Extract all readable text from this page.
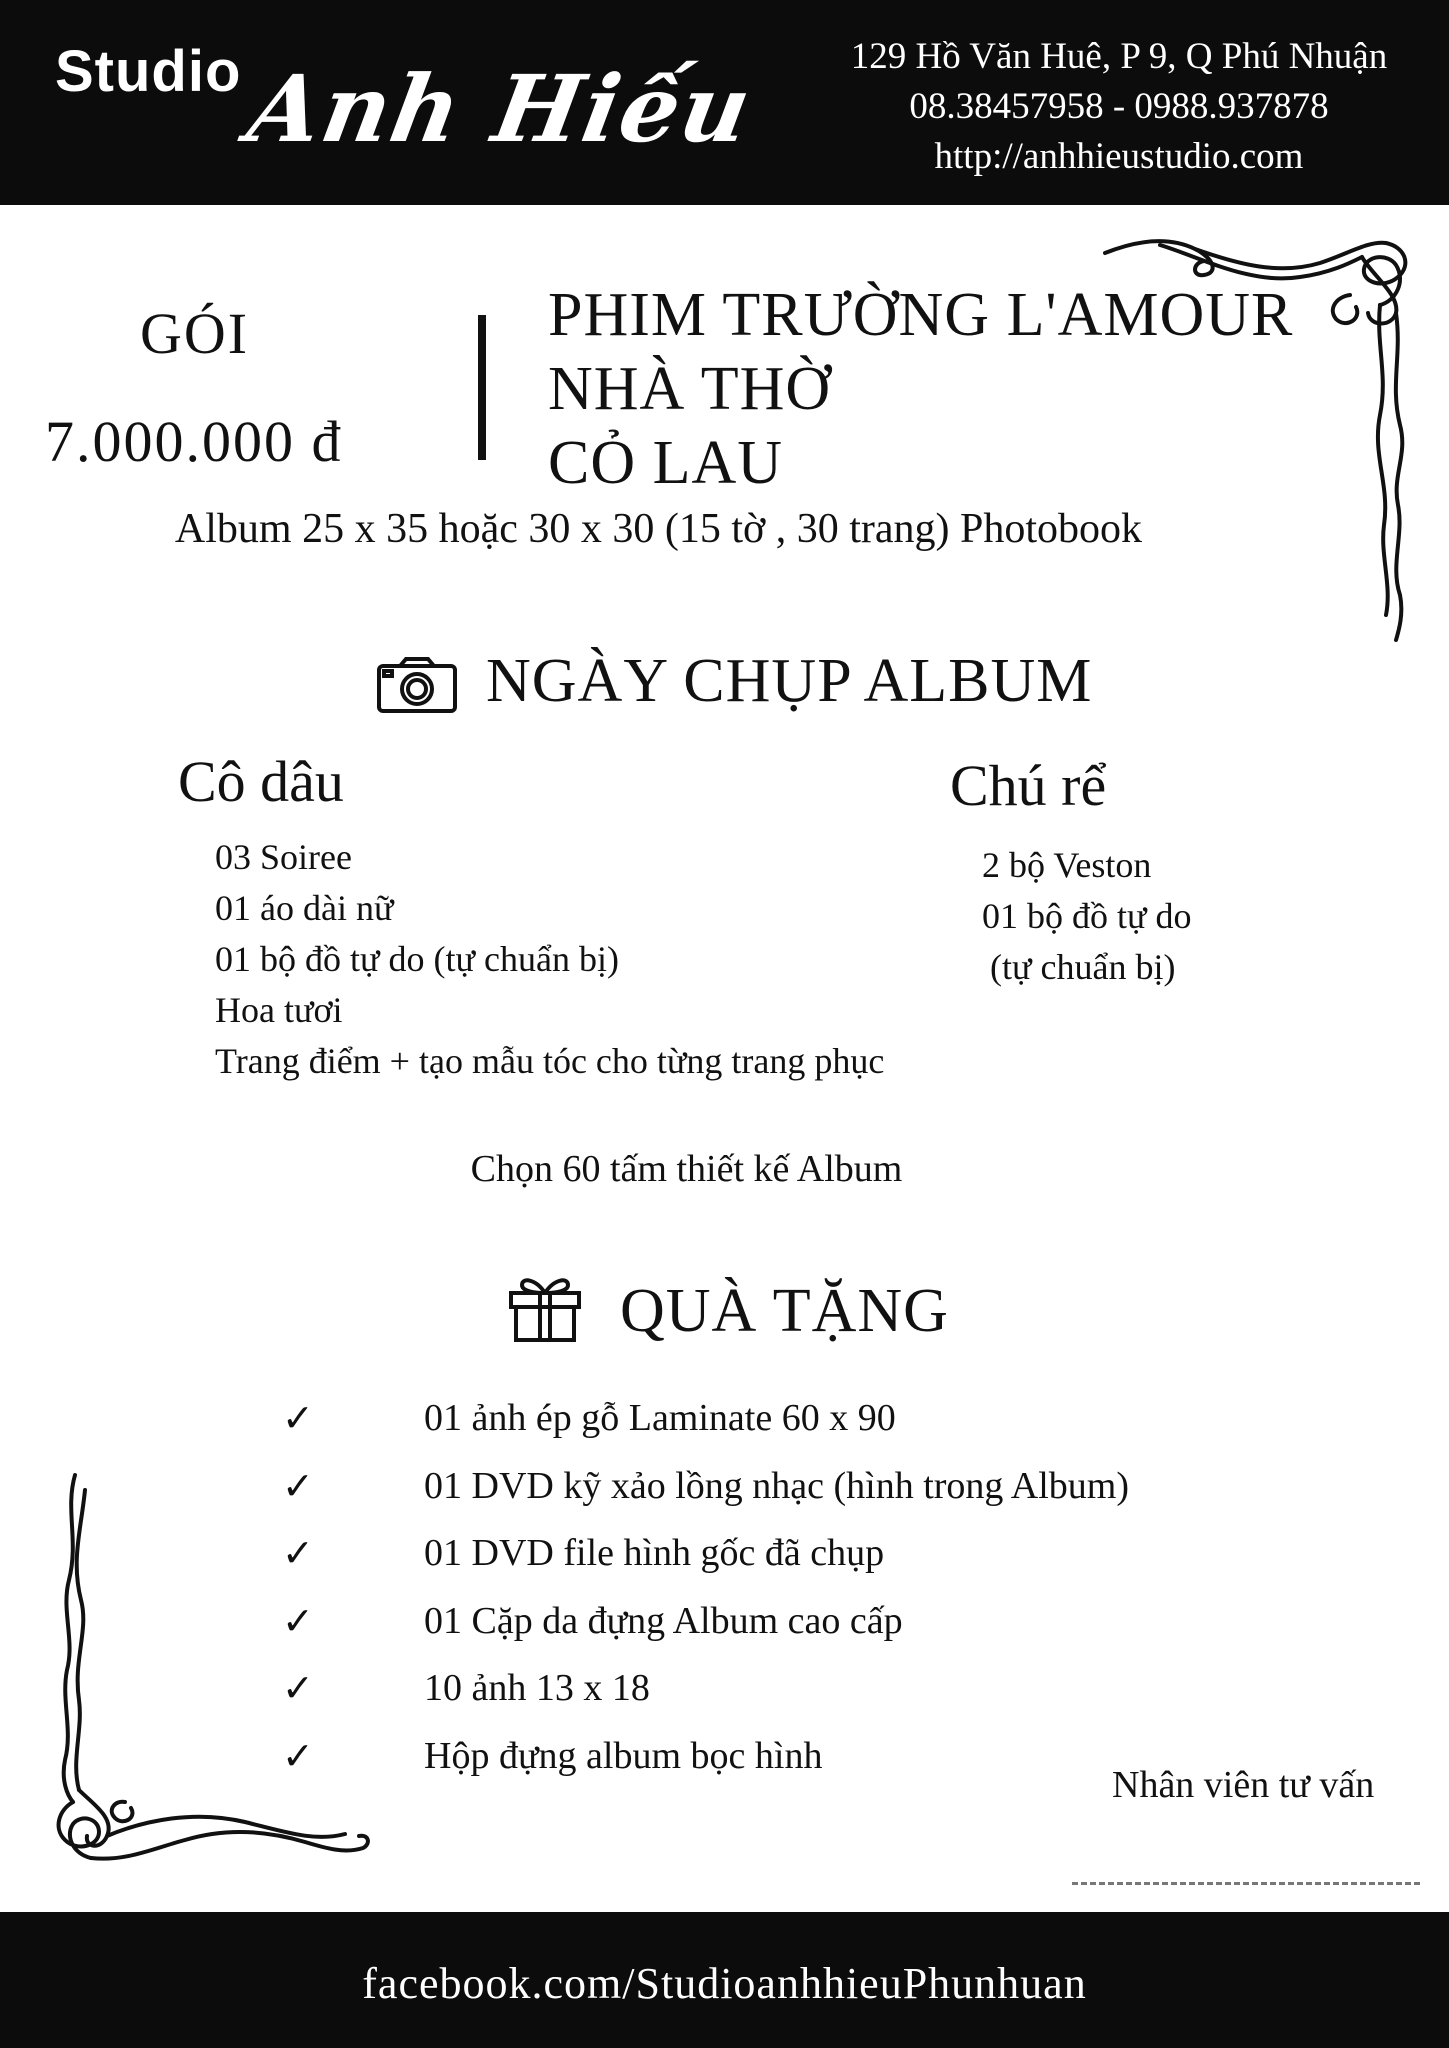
Studio Anh Hiếu	129 Hồ Văn Huê, P 9, Q Phú Nhuận
08.38457958 - 0988.937878
http://anhhieustudio.com
GÓI
7.000.000 đ
PHIM TRƯỜNG L'AMOUR
NHÀ THỜ
CỎ LAU
Album 25 x 35 hoặc 30 x 30 (15 tờ , 30 trang) Photobook
NGÀY CHỤP ALBUM
Cô dâu
03 Soiree
01 áo dài nữ
01 bộ đồ tự do (tự chuẩn bị)
Hoa tươi
Trang điểm + tạo mẫu tóc cho từng trang phục
Chú rể
2 bộ Veston
01 bộ đồ tự do
(tự chuẩn bị)
Chọn 60 tấm thiết kế Album
QUÀ TẶNG
✓	01 ảnh ép gỗ Laminate 60 x 90
✓	01 DVD kỹ xảo lồng nhạc (hình trong Album)
✓	01 DVD file hình gốc đã chụp
✓	01 Cặp da đựng Album cao cấp
✓	10 ảnh 13 x 18
✓	Hộp đựng album bọc hình
Nhân viên tư vấn
facebook.com/StudioanhhieuPhunhuan
